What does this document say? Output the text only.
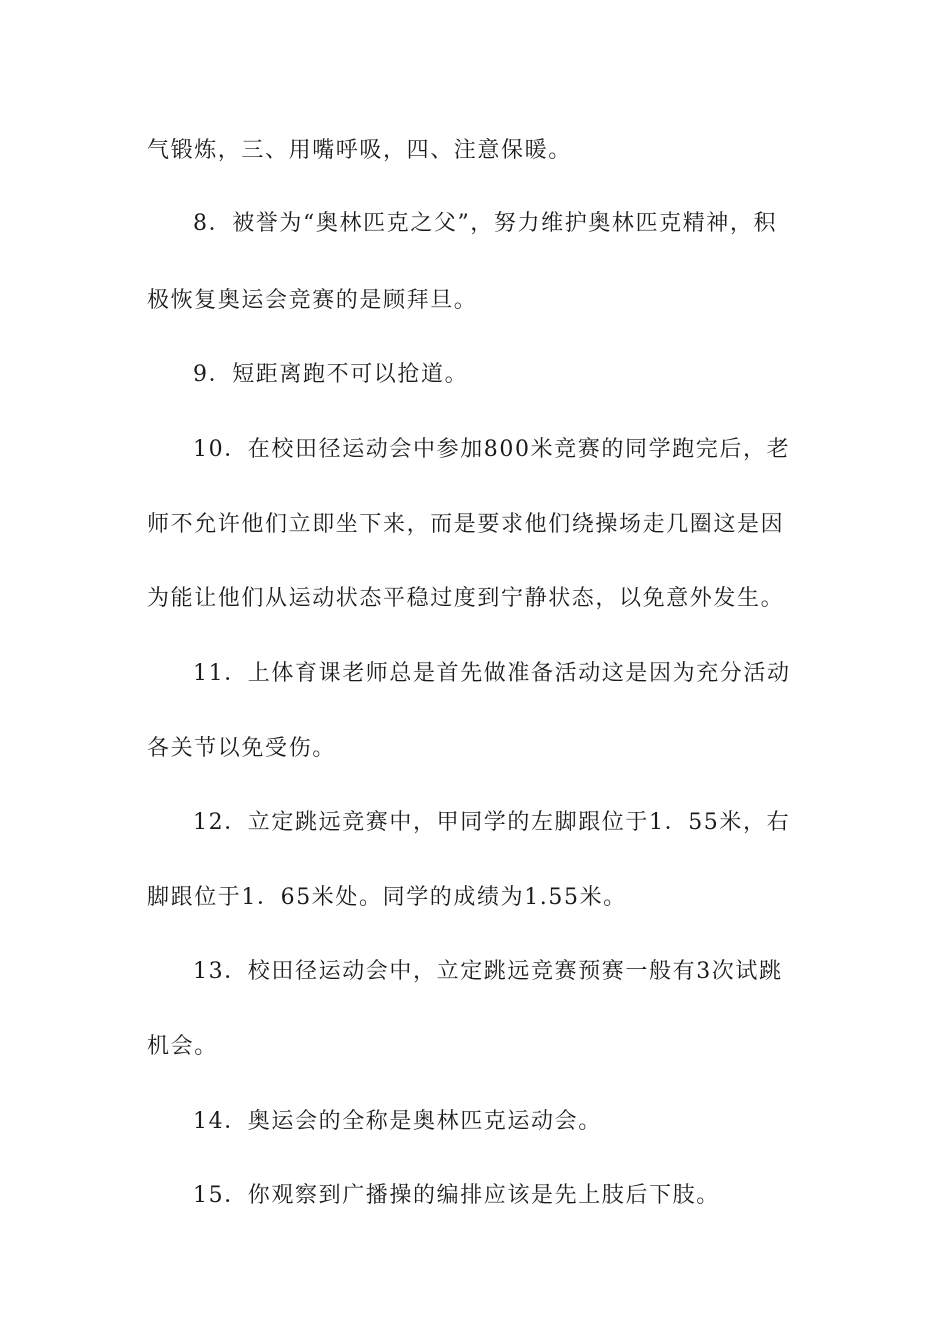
气锻炼，三、用嘴呼吸，四、注意保暖。

8．被誉为“奥林匹克之父”，努力维护奥林匹克精神，积

极恢复奥运会竞赛的是顾拜旦。

9．短距离跑不可以抢道。

10．在校田径运动会中参加800米竞赛的同学跑完后，老

师不允许他们立即坐下来，而是要求他们绕操场走几圈这是因

为能让他们从运动状态平稳过度到宁静状态，以免意外发生。

11．上体育课老师总是首先做准备活动这是因为充分活动

各关节以免受伤。

12．立定跳远竞赛中，甲同学的左脚跟位于1．55米，右

脚跟位于1．65米处。同学的成绩为1.55米。

13．校田径运动会中，立定跳远竞赛预赛一般有3次试跳

机会。

14．奥运会的全称是奥林匹克运动会。

15．你观察到广播操的编排应该是先上肢后下肢。
